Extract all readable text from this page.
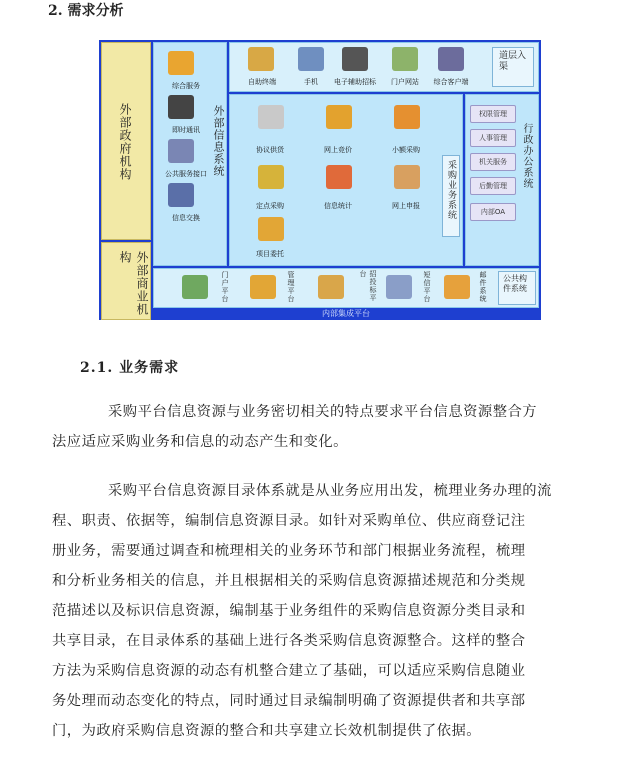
2. 需求分析
外部政府机构
外部商业机构
综合服务
即时通讯
公共服务接口
信息交换
外部信息系统
自助终端	手机 电子辅助招标 门户网站 综合客户端
道层入渠
协议供货	网上竞价	小额采购
定点采购	信息统计	网上申报
项目委托
采购业务系统
权限管理
人事管理
机关服务
后勤管理
内部OA
行政办公系统
门户平台	管理平台	招投标平台	短信平台	邮件系统	公共构件系统
内部集成平台
2.1. 业务需求
采购平台信息资源与业务密切相关的特点要求平台信息资源整合方
法应适应采购业务和信息的动态产生和变化。
采购平台信息资源目录体系就是从业务应用出发，梳理业务办理的流
程、职责、依据等，编制信息资源目录。如针对采购单位、供应商登记注
册业务，需要通过调查和梳理相关的业务环节和部门根据业务流程，梳理
和分析业务相关的信息，并且根据相关的采购信息资源描述规范和分类规
范描述以及标识信息资源，编制基于业务组件的采购信息资源分类目录和
共享目录，在目录体系的基础上进行各类采购信息资源整合。这样的整合
方法为采购信息资源的动态有机整合建立了基础，可以适应采购信息随业
务处理而动态变化的特点，同时通过目录编制明确了资源提供者和共享部
门，为政府采购信息资源的整合和共享建立长效机制提供了依据。
